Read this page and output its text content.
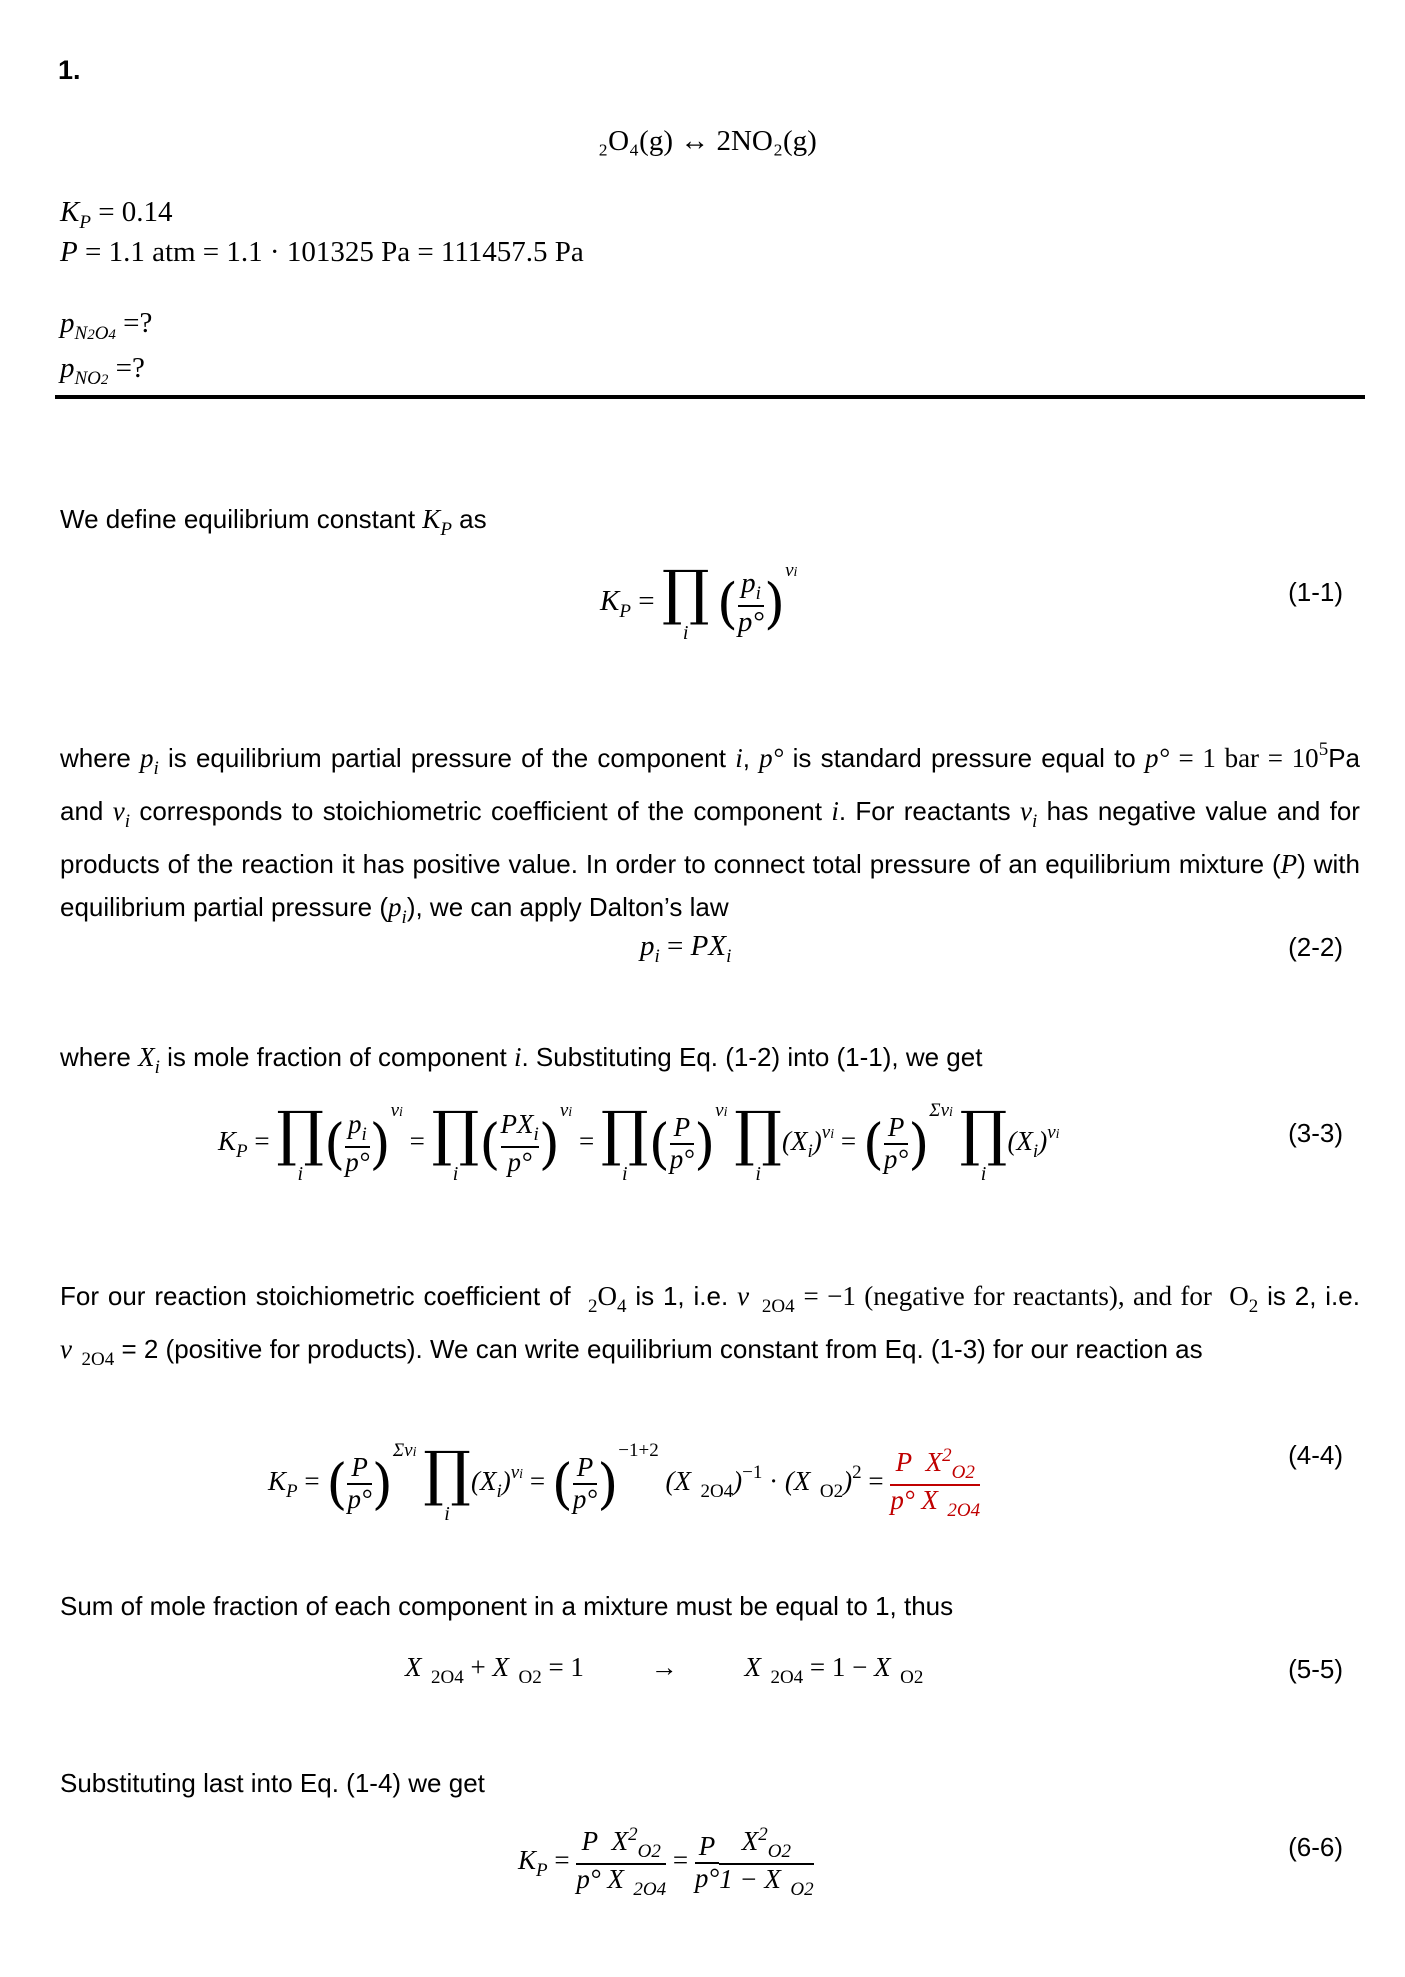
1.
₂O₄(g) ↔ 2NO₂(g)
$K_P = 0.14$
P = 1.1 atm = 1.1 · 101325 Pa = 111457.5 Pa
$p_{N2O4}$ =?
$p_{NO2}$ =?
We define equilibrium constant $K_P$ as
$K_P$ = ∏
i ( $\frac{p_i}{p^\circ} )^{\nu i}$
(1-1)
where $p_i$ is equilibrium partial pressure of the component i, p° is standard pressure equal to p° = 1 bar = $10^5Pa$ and $\nu_i$ corresponds to stoichiometric coefficient of the component i. For reactants $\nu_i$ has negative value and for products of the reaction it has positive value. In order to connect total pressure of an equilibrium mixture (P) with equilibrium partial pressure $(p_i)$, we can apply Dalton’s law
$p_i = PX_i$	(2-2)
where $X_i$ is mole fraction of component i. Substituting Eq. (1-2) into (1-1), we get
$K_P$ = ∏
i ( $\frac{p_i}{p^\circ} )^{\nu i}$ = ∏
i ( $\frac{PX_i}{p^\circ} )^{\nu i}$ = ∏
i ( $\frac{P}{p^\circ} )^{\nu i}$ ∏
i
$(X_i)^{\nu i}$ = ( $\frac{P}{p^\circ} )^{\Sigma\nu i}$ ∏
i
$(X_i)^{\nu i}$	(3-3)
For our reaction stoichiometric coefficient of $_2O_4$ is 1, i.e. ν  $_{2O4}$ = −1 (negative for reactants), and for  $O_2$ is 2, i.e. ν  $_{2O4}$ = 2 (positive for products). We can write equilibrium constant from Eq. (1-3) for our reaction as
$K_P$ = ( $\frac{P}{p^\circ} )^{\Sigma\nu i}$ ∏
i
$(X_i)^{\nu i}$ = ( $\frac{P}{p^\circ} )^{-1+2}$ (X  $_{2O4}$)$^{-1}$ · (X  $_{O2})^2 = \frac{P X^2_{O2}}{p^\circ X _{2O4}}$	(4-4)
Sum of mole fraction of each component in a mixture must be equal to 1, thus
X  $_{2O4}$ + X  $_{O2}$ = 1 → X  $_{2O4}$ = 1 − X  $_{O2}$	(5-5)
Substituting last into Eq. (1-4) we get
$K_P = \frac{P X^2_{O2}}{p^\circ X _{2O4}} = \frac{P}{p^\circ} \frac{X^2_{O2}}{1 - X _{O2}}$	(6-6)
